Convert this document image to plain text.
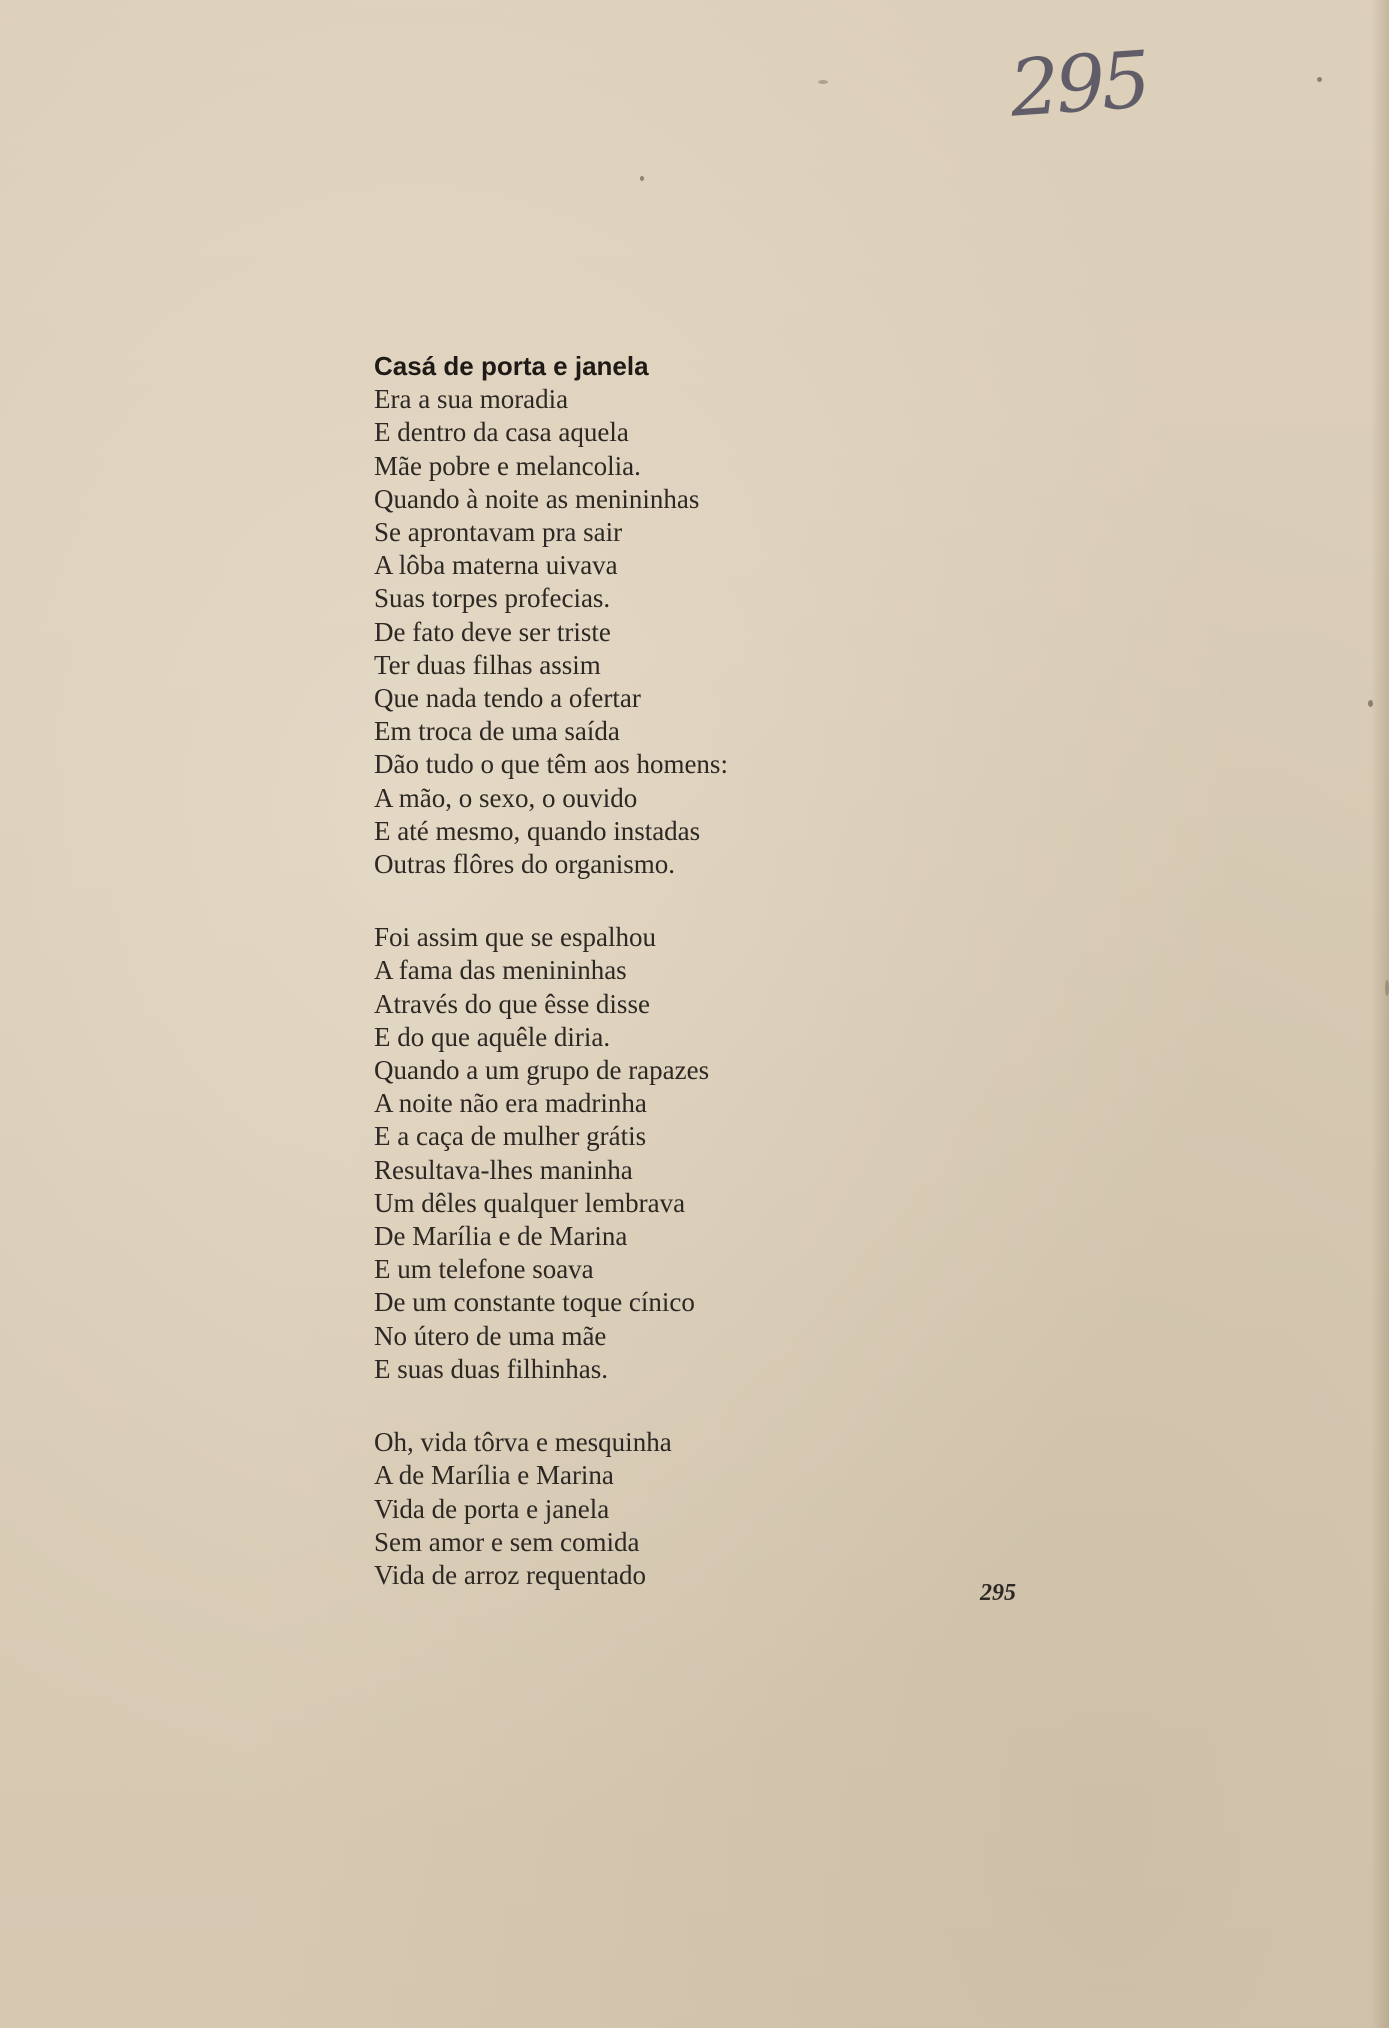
295
Casá de porta e janela
Era a sua moradia
E dentro da casa aquela
Mãe pobre e melancolia.
Quando à noite as menininhas
Se aprontavam pra sair
A lôba materna uivava
Suas torpes profecias.
De fato deve ser triste
Ter duas filhas assim
Que nada tendo a ofertar
Em troca de uma saída
Dão tudo o que têm aos homens:
A mão, o sexo, o ouvido
E até mesmo, quando instadas
Outras flôres do organismo.
Foi assim que se espalhou
A fama das menininhas
Através do que êsse disse
E do que aquêle diria.
Quando a um grupo de rapazes
A noite não era madrinha
E a caça de mulher grátis
Resultava-lhes maninha
Um dêles qualquer lembrava
De Marília e de Marina
E um telefone soava
De um constante toque cínico
No útero de uma mãe
E suas duas filhinhas.
Oh, vida tôrva e mesquinha
A de Marília e Marina
Vida de porta e janela
Sem amor e sem comida
Vida de arroz requentado
295
